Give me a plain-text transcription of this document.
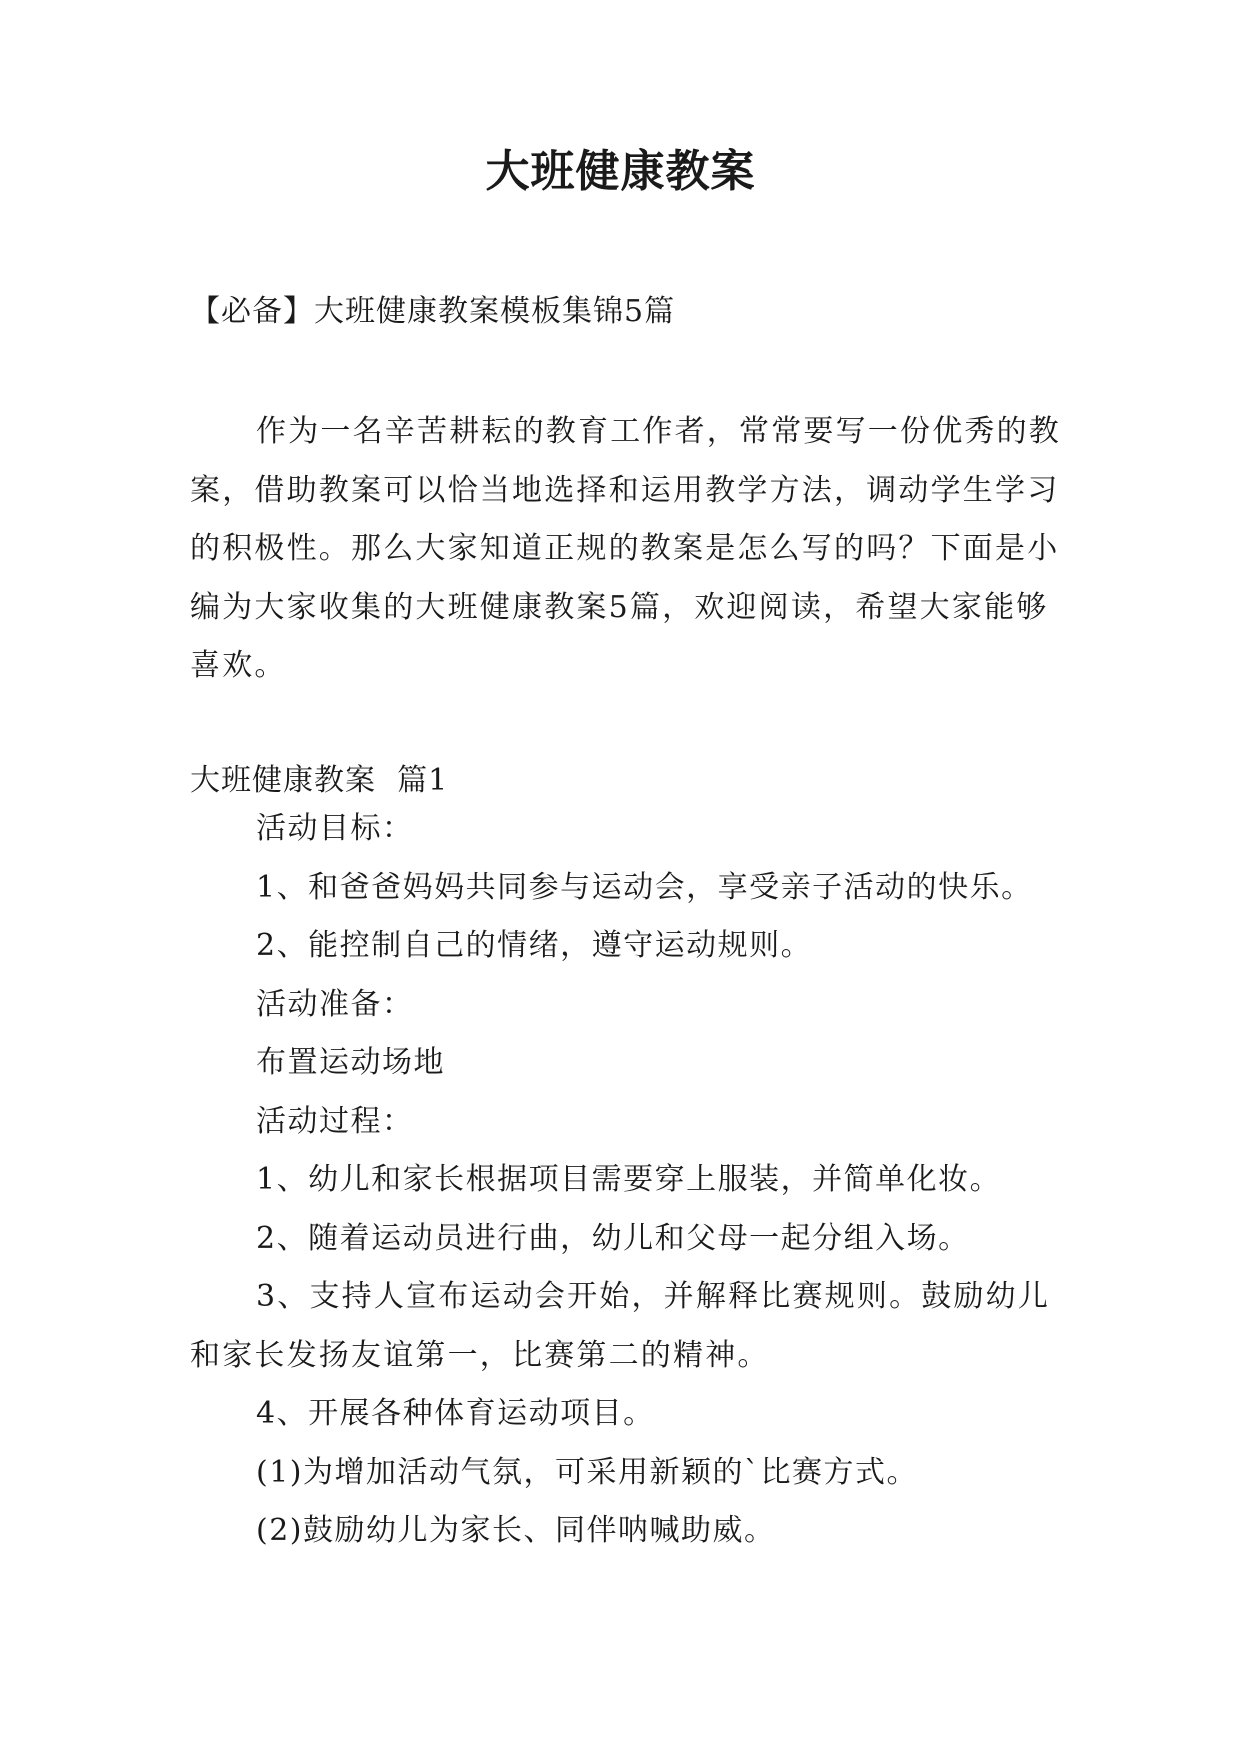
大班健康教案
【必备】大班健康教案模板集锦5篇

作为一名辛苦耕耘的教育工作者，常常要写一份优秀的教案，借助教案可以恰当地选择和运用教学方法，调动学生学习的积极性。那么大家知道正规的教案是怎么写的吗？下面是小编为大家收集的大班健康教案5篇，欢迎阅读，希望大家能够喜欢。

大班健康教案  篇1

活动目标：

1、和爸爸妈妈共同参与运动会，享受亲子活动的快乐。

2、能控制自己的情绪，遵守运动规则。

活动准备：

布置运动场地

活动过程：

1、幼儿和家长根据项目需要穿上服装，并简单化妆。

2、随着运动员进行曲，幼儿和父母一起分组入场。

3、支持人宣布运动会开始，并解释比赛规则。鼓励幼儿和家长发扬友谊第一，比赛第二的精神。

4、开展各种体育运动项目。

(1)为增加活动气氛，可采用新颖的`比赛方式。

(2)鼓励幼儿为家长、同伴呐喊助威。
